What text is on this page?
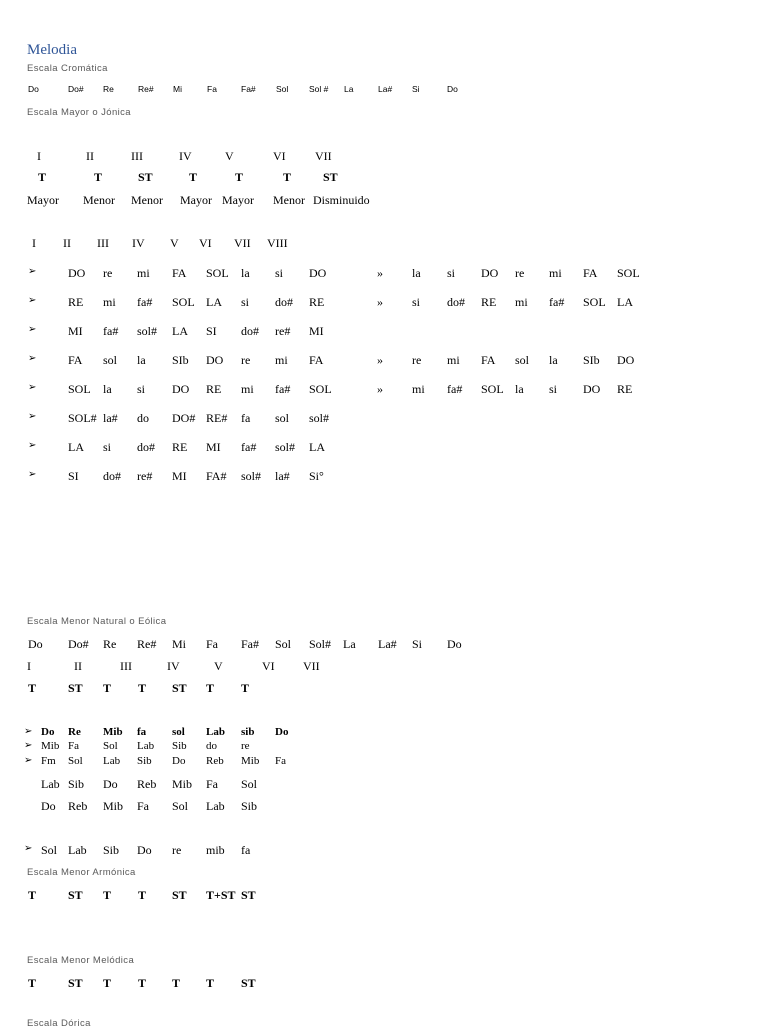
Melodia
Escala Cromática
Do	Do# Re	Re# Mi	Fa	Fa# Sol Sol # La	La# Si	Do
Escala Mayor o Jónica
I	II	III	IV	V	VI VII
T	T	ST	T	T	T	ST
Mayor Menor Menor Mayor Mayor Menor Disminuido
I II III IV V VI VII VIII
➢	DO re mi FA SOL la si DO	» la si DO re mi FA SOL
➢	RE mi fa# SOL LA si do# RE	» si do# RE mi fa# SOL LA
➢	MI fa# sol# LA SI do# re# MI
➢	FA sol la SIb DO re mi FA	» re mi FA sol la SIb DO
➢	SOL la si DO RE mi fa# SOL	» mi fa# SOL la si DO RE
➢	SOL# la# do DO# RE# fa sol sol#
➢	LA si do# RE MI fa# sol# LA
➢	SI do# re# MI FA# sol# la# Si°
Escala Menor Natural o Eólica
Do Do# Re Re# Mi Fa Fa# Sol Sol# La La# Si Do
I	II	III	IV	V	VI VII
T	ST T T ST T T
➢ Do Re Mib fa sol Lab sib Do
➢ Mib Fa Sol Lab Sib do re
➢ Fm Sol Lab Sib Do Reb Mib Fa
Lab Sib Do Reb Mib Fa Sol
Do Reb Mib Fa Sol Lab Sib
➢ Sol Lab Sib Do re mib fa
Escala Menor Armónica
T	ST T T ST T+ST ST
Escala Menor Melódica
T	ST T T T T ST
Escala Dórica
